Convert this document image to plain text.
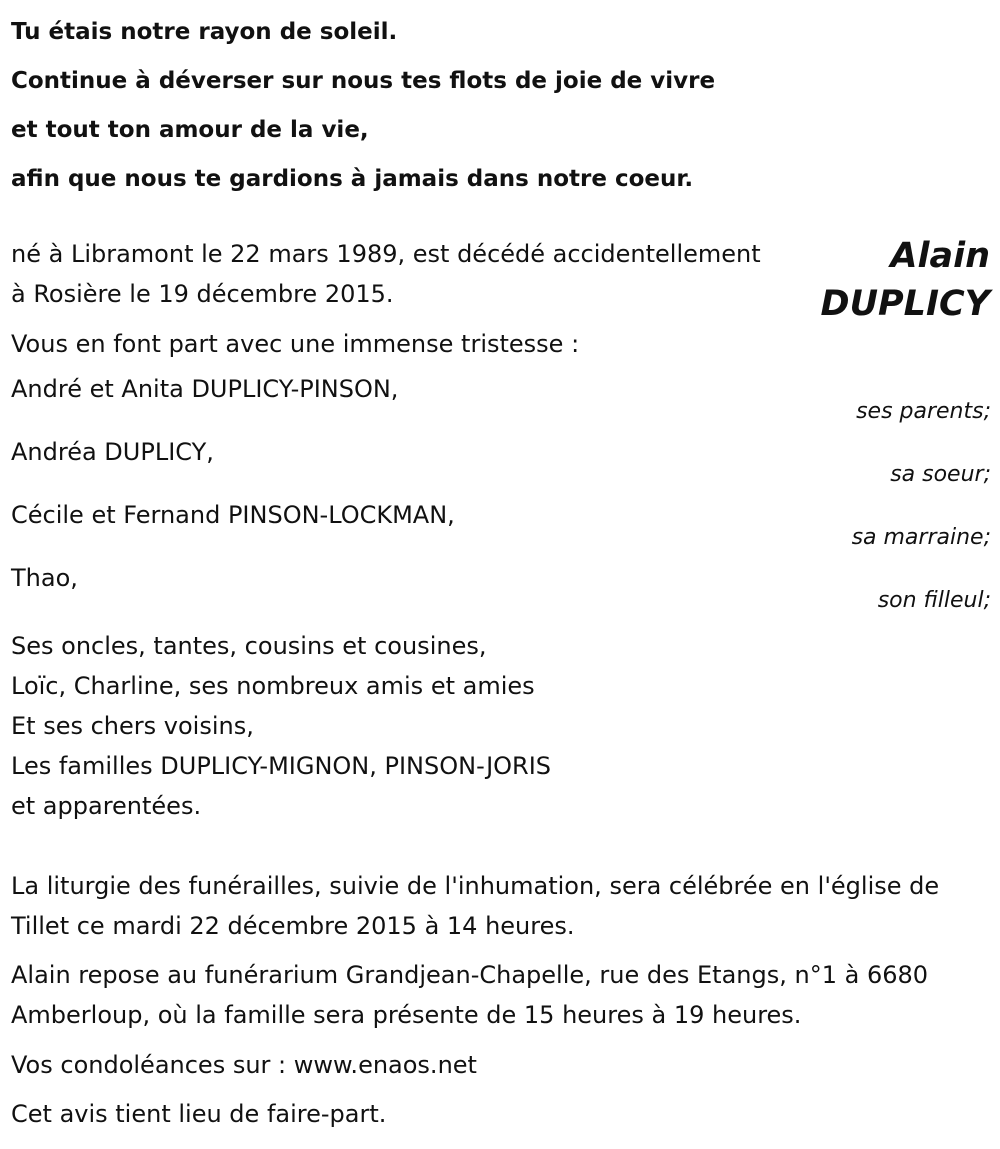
Tu étais notre rayon de soleil.
Continue à déverser sur nous tes flots de joie de vivre
et tout ton amour de la vie,
afin que nous te gardions à jamais dans notre coeur.
Alain
DUPLICY
né à Libramont le 22 mars 1989, est décédé accidentellement à Rosière le 19 décembre 2015.
Vous en font part avec une immense tristesse :
André et Anita DUPLICY-PINSON,
ses parents;
Andréa DUPLICY,
sa soeur;
Cécile et Fernand PINSON-LOCKMAN,
sa marraine;
Thao,
son filleul;
Ses oncles, tantes, cousins et cousines,
Loïc, Charline, ses nombreux amis et amies
Et ses chers voisins,
Les familles DUPLICY-MIGNON, PINSON-JORIS
et apparentées.
La liturgie des funérailles, suivie de l'inhumation, sera célébrée en l'église de Tillet ce mardi 22 décembre 2015 à 14 heures.
Alain repose au funérarium Grandjean-Chapelle, rue des Etangs, n°1 à 6680 Amberloup, où la famille sera présente de 15 heures à 19 heures.
Vos condoléances sur : www.enaos.net
Cet avis tient lieu de faire-part.
